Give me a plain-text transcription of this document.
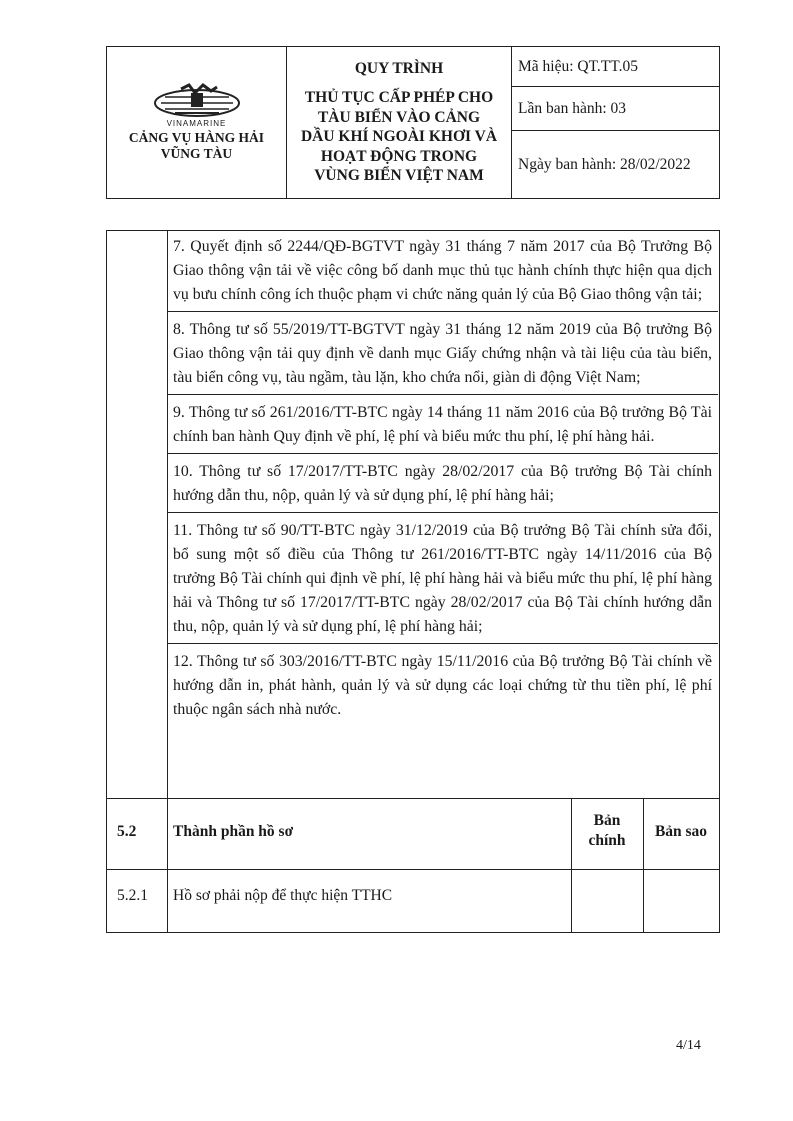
VINAMARINE
CẢNG VỤ HÀNG HẢI
VŨNG TÀU
QUY TRÌNH
THỦ TỤC CẤP PHÉP CHO
TÀU BIỂN VÀO CẢNG
DẦU KHÍ NGOÀI KHƠI VÀ
HOẠT ĐỘNG TRONG
VÙNG BIỂN VIỆT NAM
Mã hiệu: QT.TT.05
Lần ban hành: 03
Ngày ban hành: 28/02/2022
7. Quyết định số 2244/QĐ-BGTVT ngày 31 tháng 7 năm 2017 của Bộ Trưởng Bộ Giao thông vận tải về việc công bố danh mục thủ tục hành chính thực hiện qua dịch vụ bưu chính công ích thuộc phạm vi chức năng quản lý của Bộ Giao thông vận tải;
8. Thông tư số 55/2019/TT-BGTVT ngày 31 tháng 12 năm 2019 của Bộ trưởng Bộ Giao thông vận tải quy định về danh mục Giấy chứng nhận và tài liệu của tàu biển, tàu biển công vụ, tàu ngầm, tàu lặn, kho chứa nổi, giàn di động Việt Nam;
9. Thông tư số 261/2016/TT-BTC ngày 14 tháng 11 năm 2016 của Bộ trưởng Bộ Tài chính ban hành Quy định về phí, lệ phí và biểu mức thu phí, lệ phí hàng hải.
10. Thông tư số 17/2017/TT-BTC ngày 28/02/2017 của Bộ trưởng Bộ Tài chính hướng dẫn thu, nộp, quản lý và sử dụng phí, lệ phí hàng hải;
11. Thông tư số 90/TT-BTC ngày 31/12/2019 của Bộ trưởng Bộ Tài chính sửa đổi, bổ sung một số điều của Thông tư 261/2016/TT-BTC ngày 14/11/2016 của Bộ trưởng Bộ Tài chính qui định về phí, lệ phí hàng hải và biểu mức thu phí, lệ phí hàng hải và Thông tư số 17/2017/TT-BTC ngày 28/02/2017 của Bộ Tài chính hướng dẫn thu, nộp, quản lý và sử dụng phí, lệ phí hàng hải;
12. Thông tư số 303/2016/TT-BTC ngày 15/11/2016 của Bộ trưởng Bộ Tài chính về hướng dẫn in, phát hành, quản lý và sử dụng các loại chứng từ thu tiền phí, lệ phí thuộc ngân sách nhà nước.
5.2 Thành phần hồ sơ
Bản
chính
Bản sao
5.2.1 Hồ sơ phải nộp để thực hiện TTHC
4/14
